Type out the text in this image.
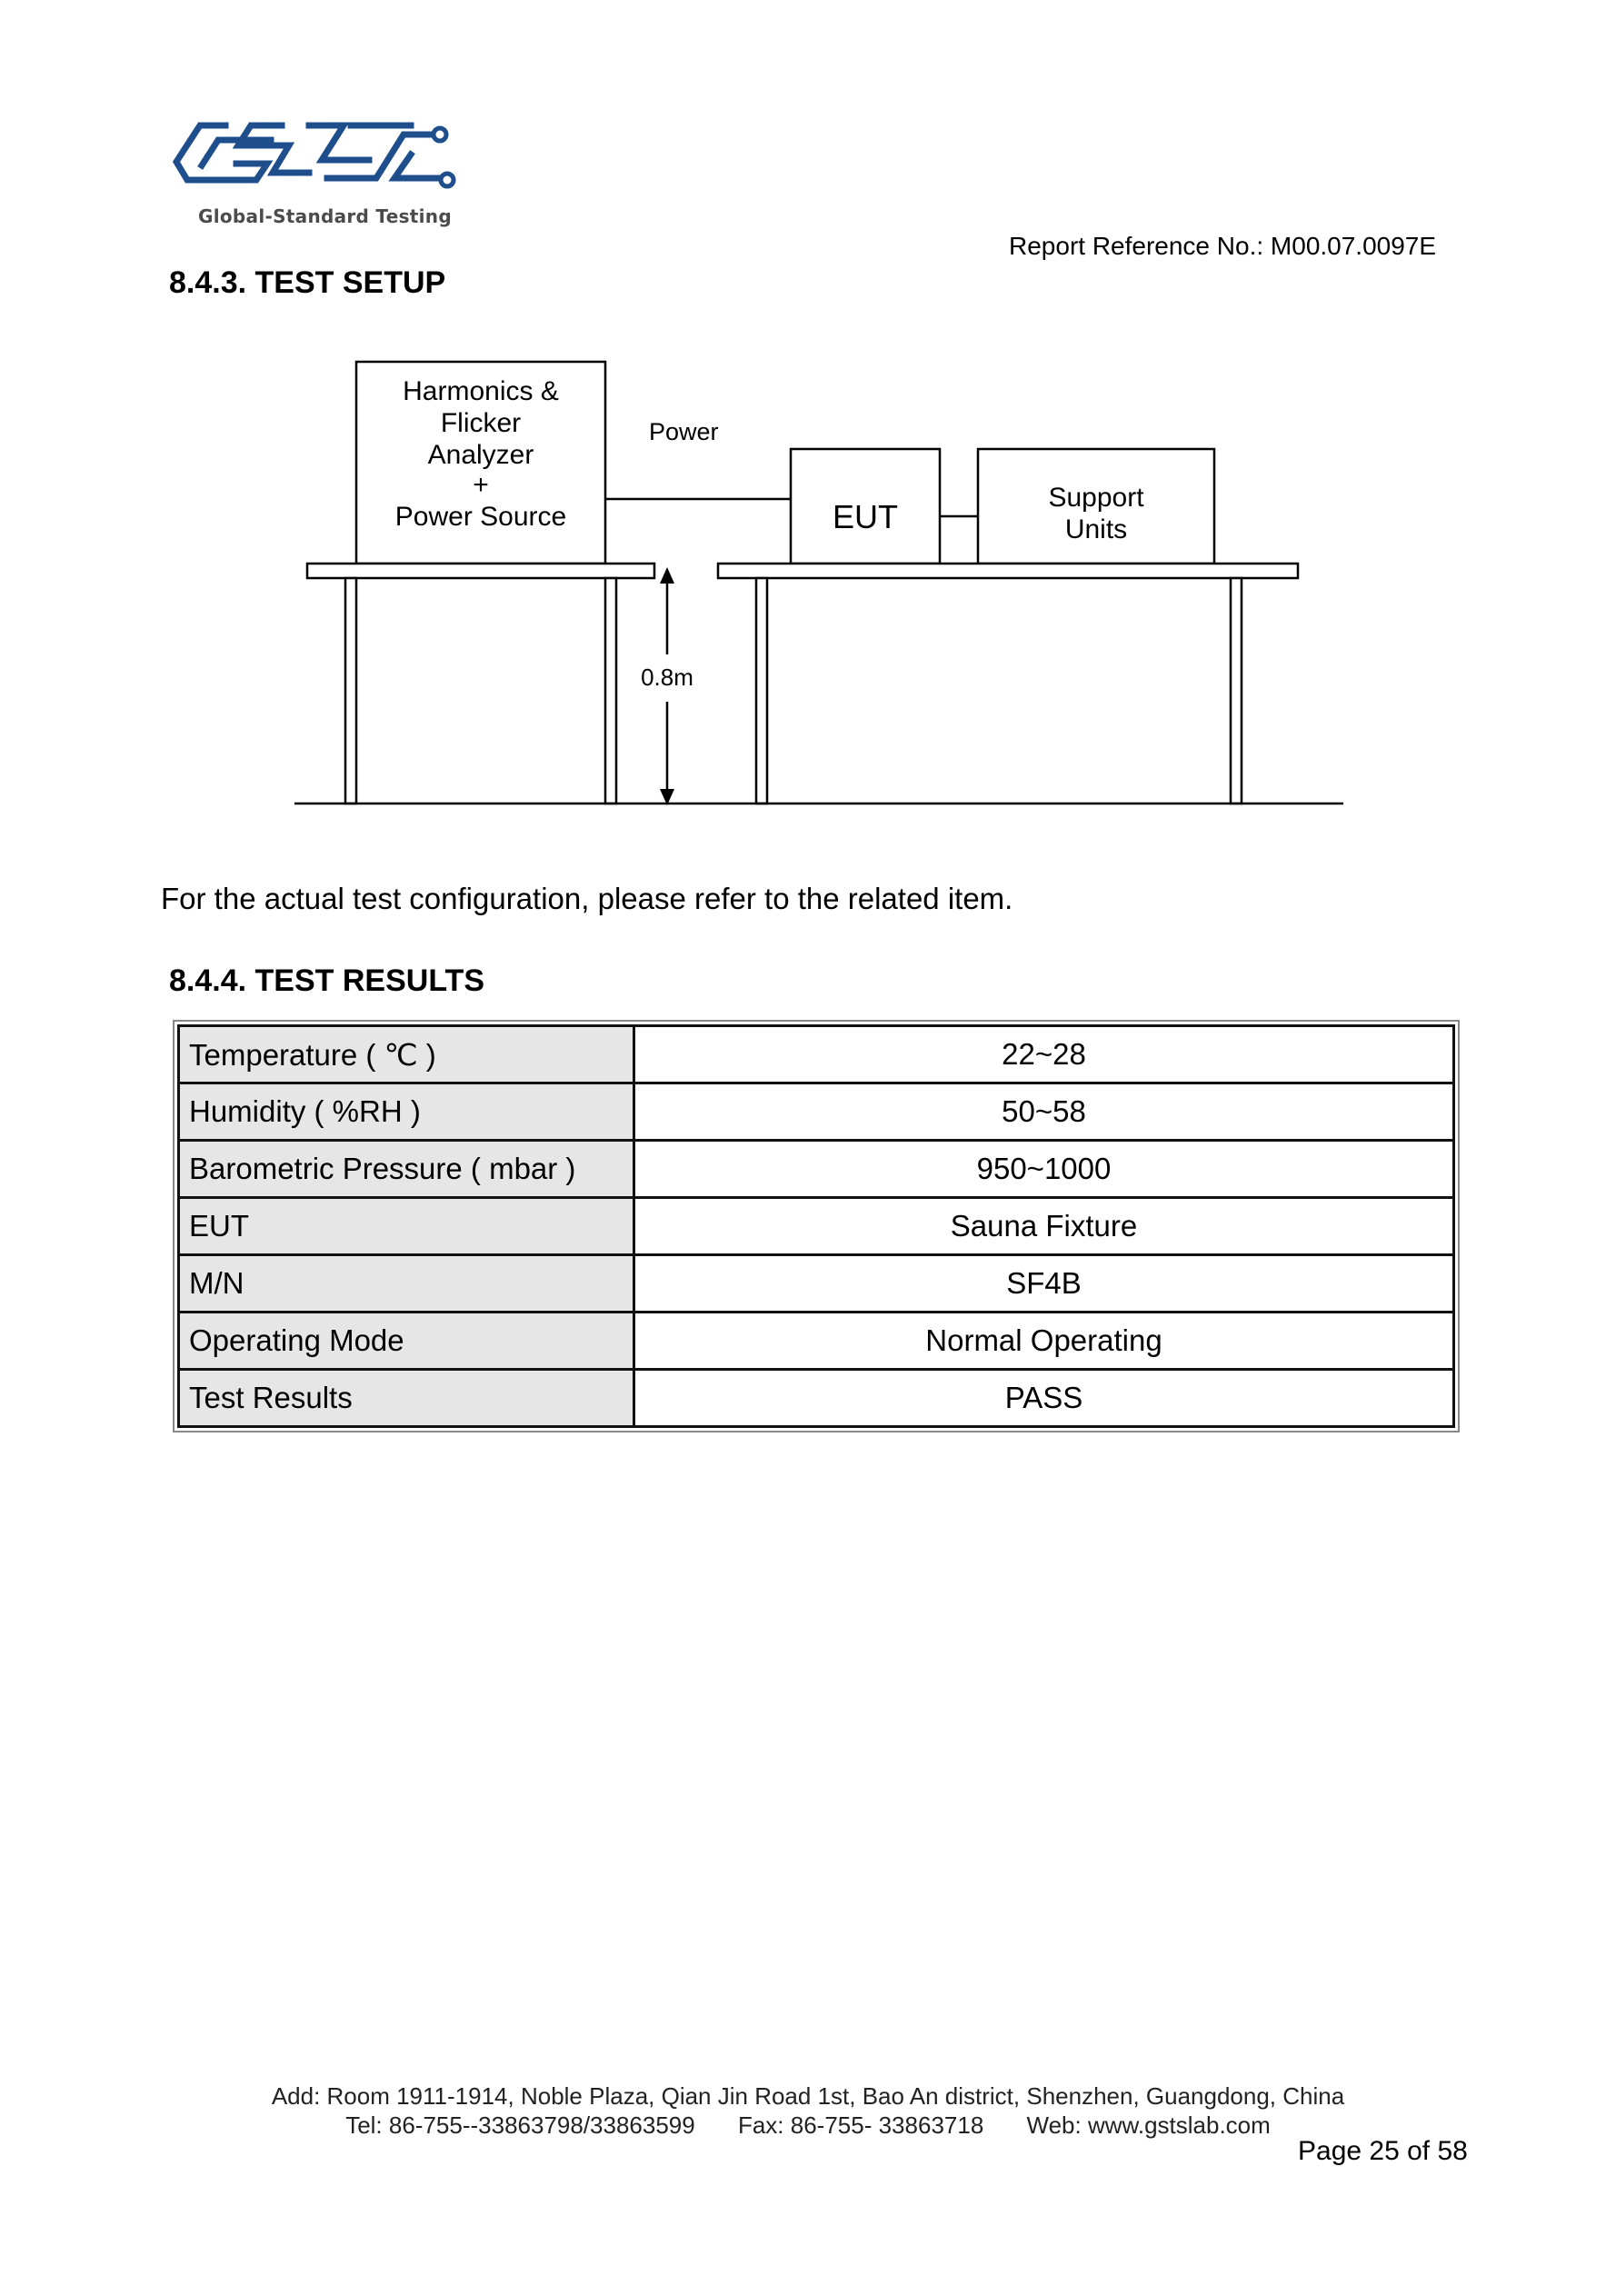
Global-Standard Testing
Report Reference No.: M00.07.0097E
8.4.3. TEST SETUP
Harmonics &
Flicker
Analyzer
+
Power Source	EUT
Support
Units
Power
0.8m
For the actual test configuration, please refer to the related item.
8.4.4. TEST RESULTS
Temperature ( ℃ )	22~28
Humidity ( %RH )	50~58
Barometric Pressure ( mbar )	950~1000
EUT	Sauna Fixture
M/N	SF4B
Operating Mode	Normal Operating
Test Results	PASS
Add: Room 1911-1914, Noble Plaza, Qian Jin Road 1st, Bao An district, Shenzhen, Guangdong, China
Tel: 86-755--33863798/33863599 Fax: 86-755- 33863718 Web: www.gstslab.com
Page 25 of 58
